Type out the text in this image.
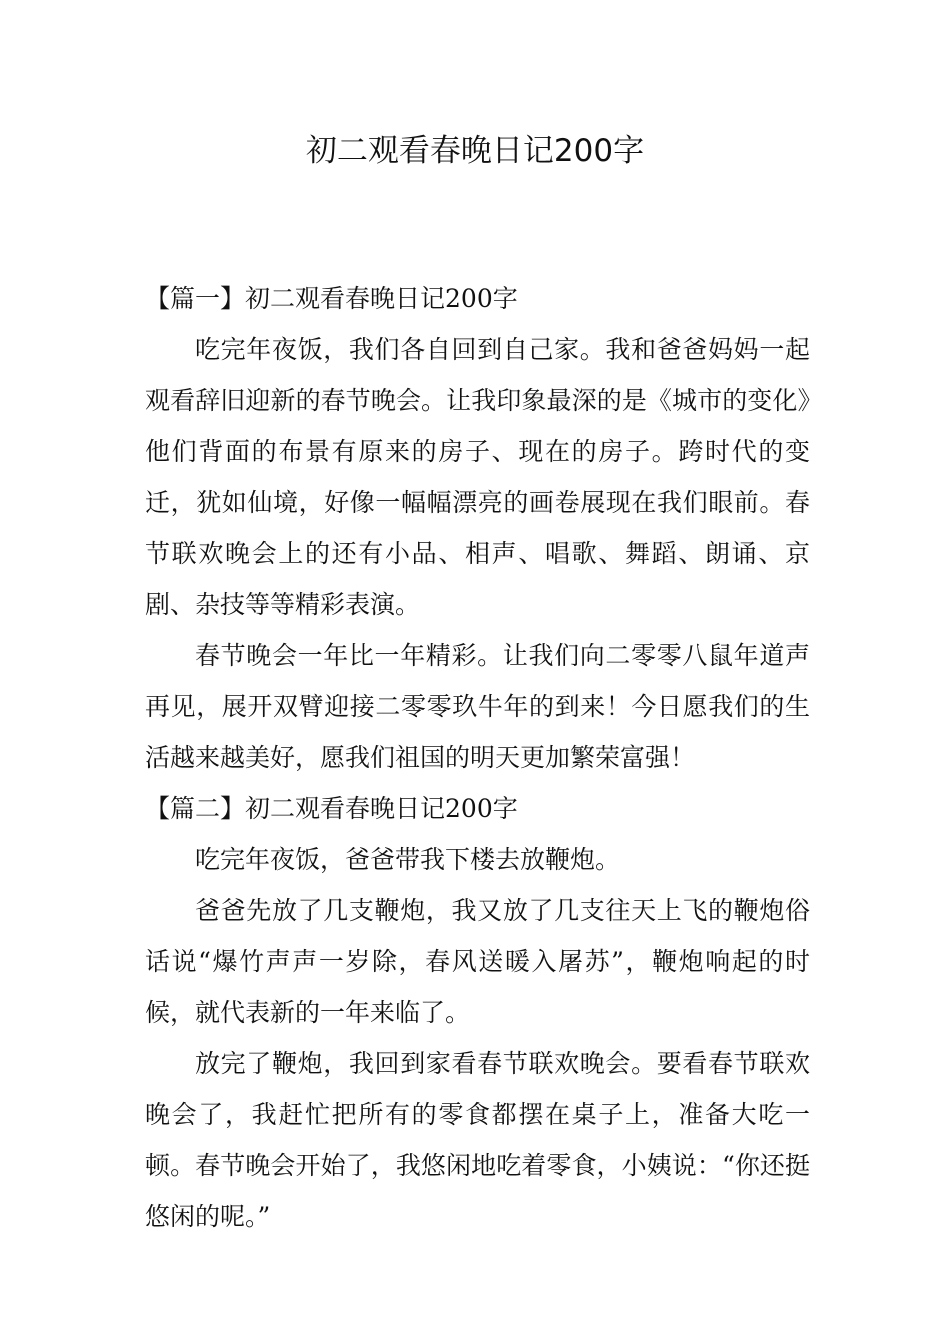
初二观看春晚日记200字

【篇一】初二观看春晚日记200字

吃完年夜饭，我们各自回到自己家。我和爸爸妈妈一起观看辞旧迎新的春节晚会。让我印象最深的是《城市的变化》他们背面的布景有原来的房子、现在的房子。跨时代的变迁，犹如仙境，好像一幅幅漂亮的画卷展现在我们眼前。春节联欢晚会上的还有小品、相声、唱歌、舞蹈、朗诵、京剧、杂技等等精彩表演。

春节晚会一年比一年精彩。让我们向二零零八鼠年道声再见，展开双臂迎接二零零玖牛年的到来！今日愿我们的生活越来越美好，愿我们祖国的明天更加繁荣富强！

【篇二】初二观看春晚日记200字

吃完年夜饭，爸爸带我下楼去放鞭炮。

爸爸先放了几支鞭炮，我又放了几支往天上飞的鞭炮俗话说“爆竹声声一岁除，春风送暖入屠苏”，鞭炮响起的时候，就代表新的一年来临了。

放完了鞭炮，我回到家看春节联欢晚会。要看春节联欢晚会了，我赶忙把所有的零食都摆在桌子上，准备大吃一顿。春节晚会开始了，我悠闲地吃着零食，小姨说：“你还挺悠闲的呢。”
